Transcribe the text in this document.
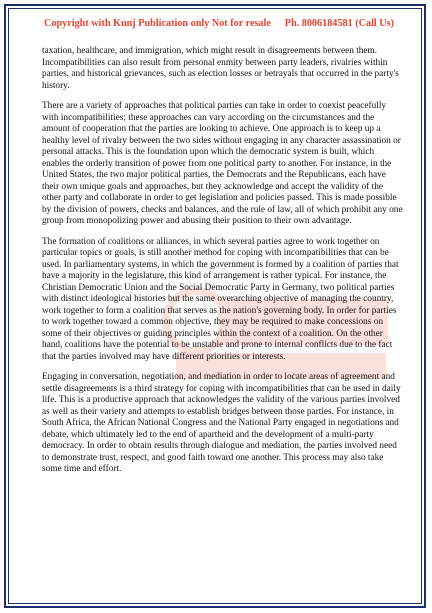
Copyright with Kunj Publication only Not for resale Ph. 8006184581 (Call Us)

taxation, healthcare, and immigration, which might result in disagreements between them. Incompatibilities can also result from personal enmity between party leaders, rivalries within parties, and historical grievances, such as election losses or betrayals that occurred in the party's history.

There are a variety of approaches that political parties can take in order to coexist peacefully with incompatibilities; these approaches can vary according on the circumstances and the amount of cooperation that the parties are looking to achieve. One approach is to keep up a healthy level of rivalry between the two sides without engaging in any character assassination or personal attacks. This is the foundation upon which the democratic system is built, which enables the orderly transition of power from one political party to another. For instance, in the United States, the two major political parties, the Democrats and the Republicans, each have their own unique goals and approaches, but they acknowledge and accept the validity of the other party and collaborate in order to get legislation and policies passed. This is made possible by the division of powers, checks and balances, and the rule of law, all of which prohibit any one group from monopolizing power and abusing their position to their own advantage.

The formation of coalitions or alliances, in which several parties agree to work together on particular topics or goals, is still another method for coping with incompatibilities that can be used. In parliamentary systems, in which the government is formed by a coalition of parties that have a majority in the legislature, this kind of arrangement is rather typical. For instance, the Christian Democratic Union and the Social Democratic Party in Germany, two political parties with distinct ideological histories but the same overarching objective of managing the country, work together to form a coalition that serves as the nation's governing body. In order for parties to work together toward a common objective, they may be required to make concessions on some of their objectives or guiding principles within the context of a coalition. On the other hand, coalitions have the potential to be unstable and prone to internal conflicts due to the fact that the parties involved may have different priorities or interests.

Engaging in conversation, negotiation, and mediation in order to locate areas of agreement and settle disagreements is a third strategy for coping with incompatibilities that can be used in daily life. This is a productive approach that acknowledges the validity of the various parties involved as well as their variety and attempts to establish bridges between those parties. For instance, in South Africa, the African National Congress and the National Party engaged in negotiations and debate, which ultimately led to the end of apartheid and the development of a multi-party democracy. In order to obtain results through dialogue and mediation, the parties involved need to demonstrate trust, respect, and good faith toward one another. This process may also take some time and effort.
